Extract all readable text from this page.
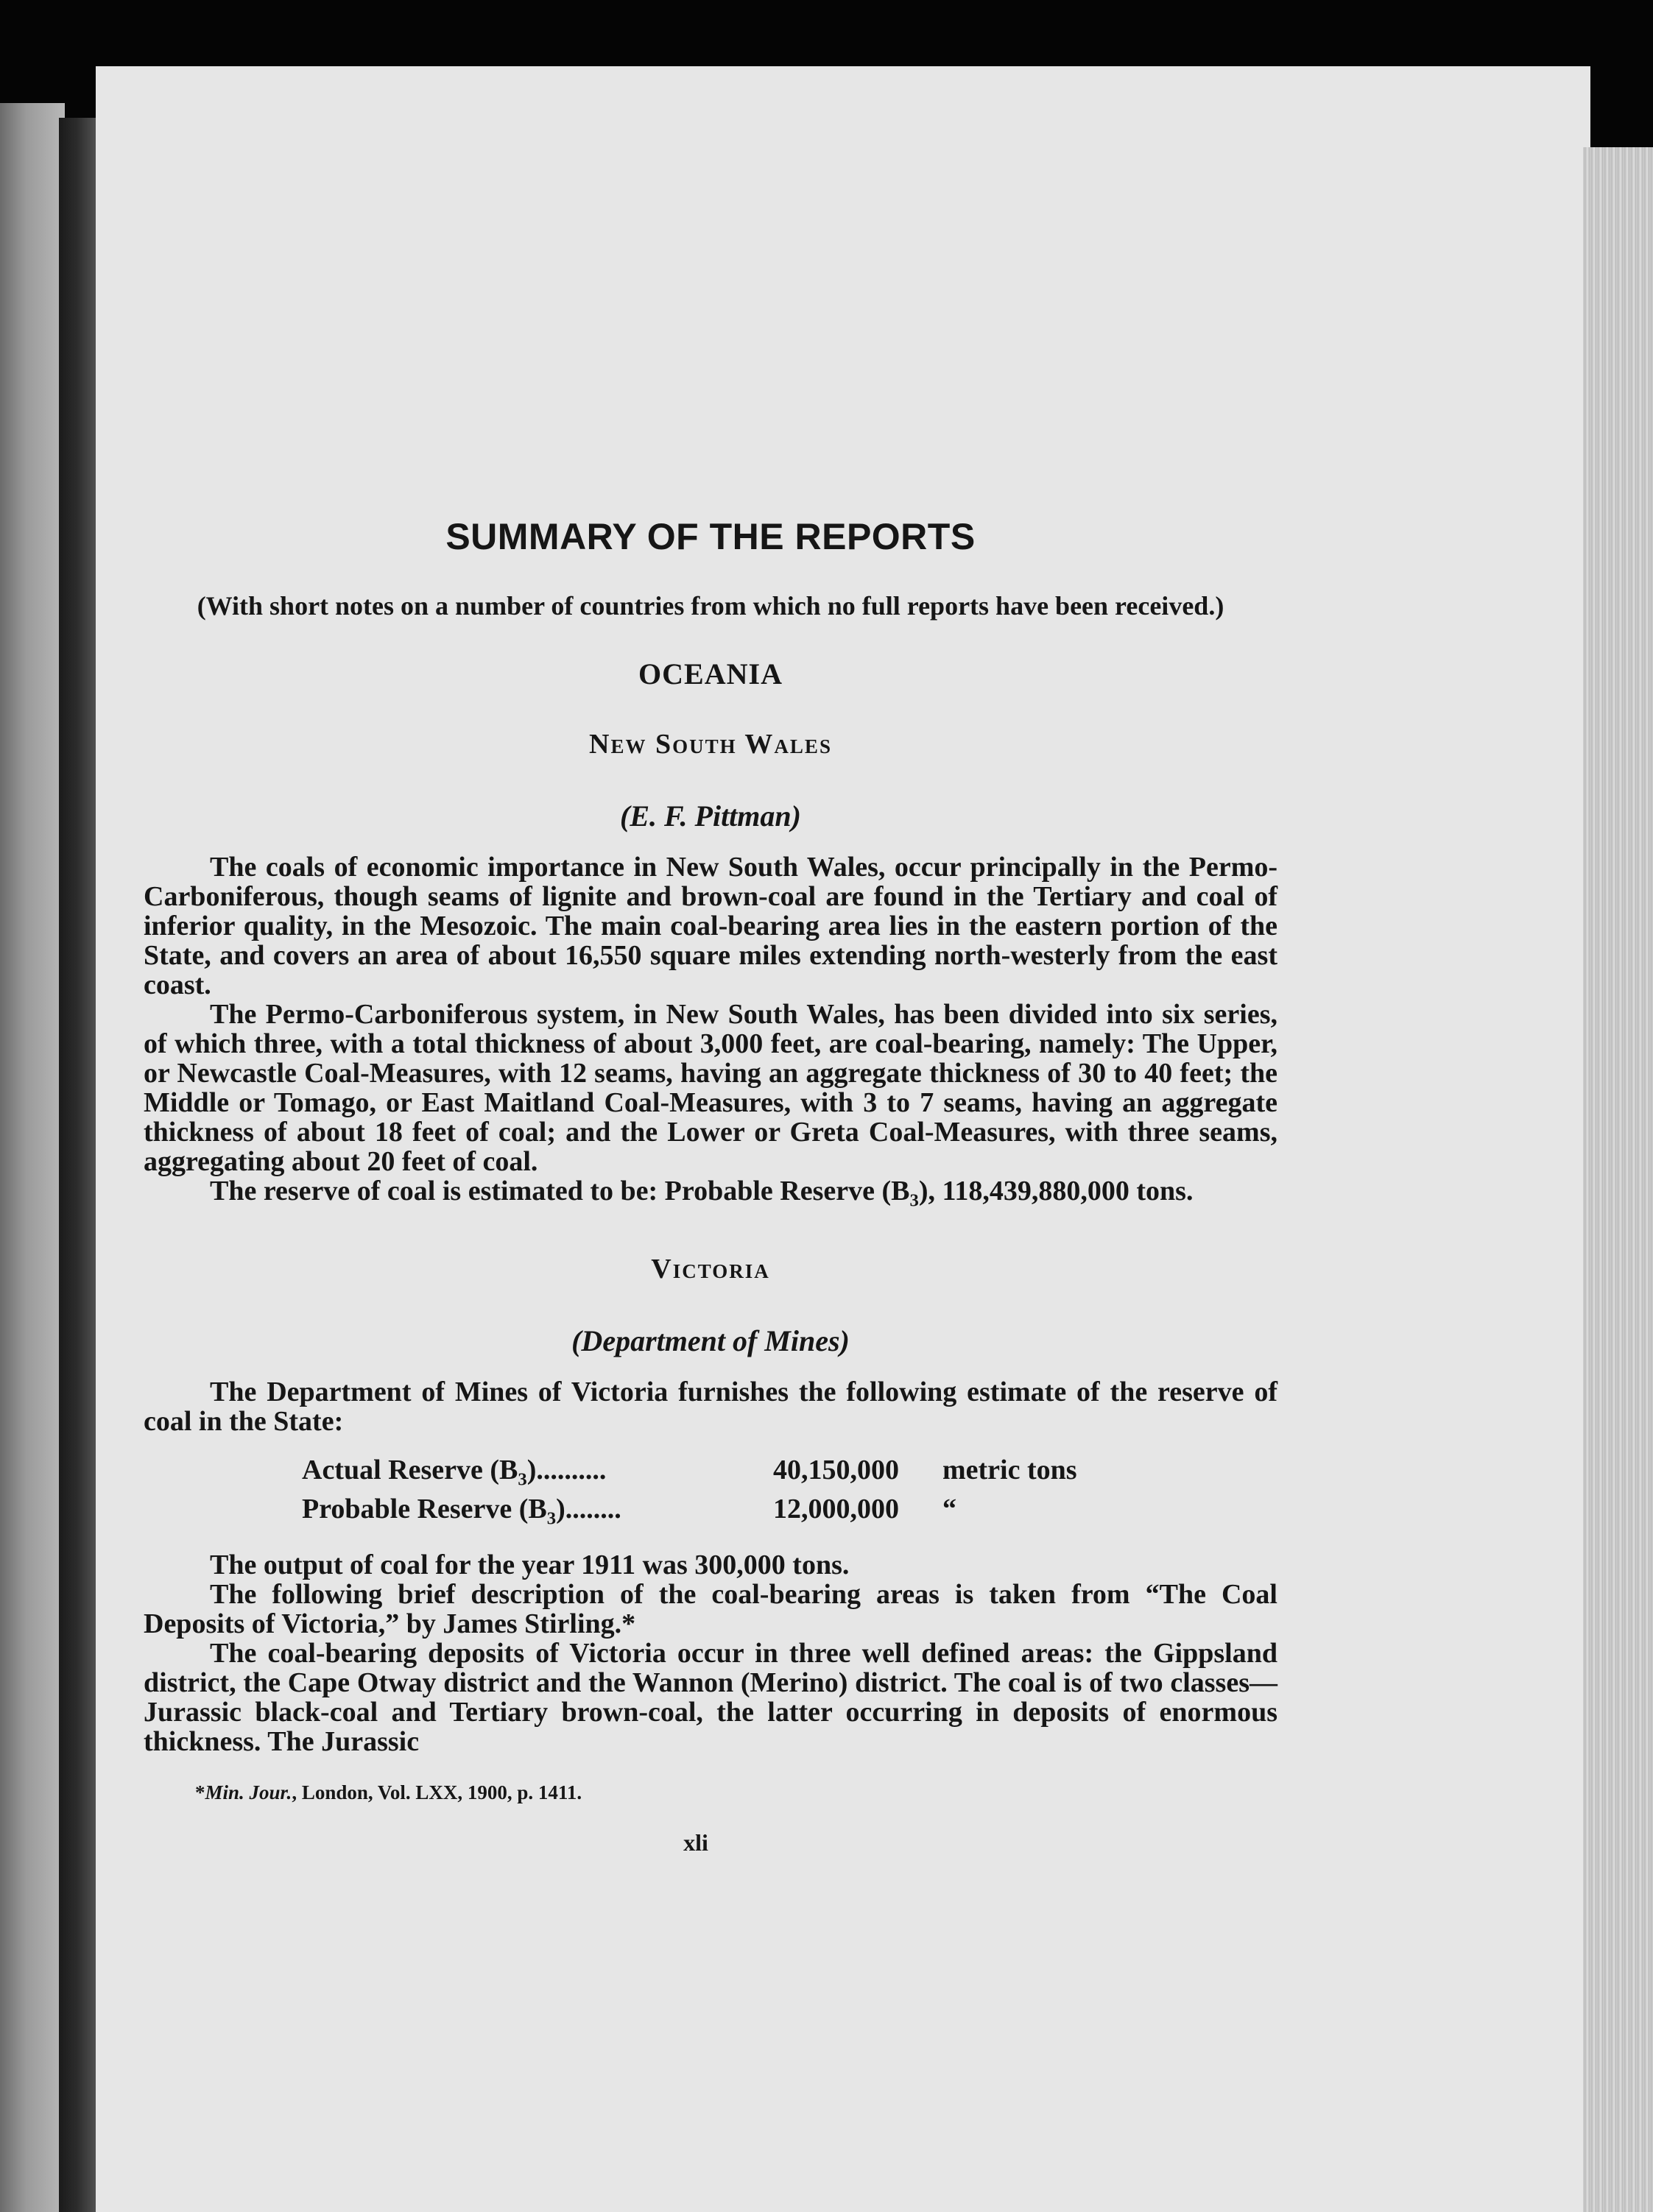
SUMMARY OF THE REPORTS
(With short notes on a number of countries from which no full reports have been received.)
OCEANIA
New South Wales
(E. F. Pittman)

The coals of economic importance in New South Wales, occur principally in the Permo-Carboniferous, though seams of lignite and brown-coal are found in the Tertiary and coal of inferior quality, in the Mesozoic. The main coal-bearing area lies in the eastern portion of the State, and covers an area of about 16,550 square miles extending north-westerly from the east coast.

The Permo-Carboniferous system, in New South Wales, has been divided into six series, of which three, with a total thickness of about 3,000 feet, are coal-bearing, namely: The Upper, or Newcastle Coal-Measures, with 12 seams, having an aggregate thickness of 30 to 40 feet; the Middle or Tomago, or East Maitland Coal-Measures, with 3 to 7 seams, having an aggregate thickness of about 18 feet of coal; and the Lower or Greta Coal-Measures, with three seams, aggregating about 20 feet of coal.

The reserve of coal is estimated to be: Probable Reserve $(B_3)$, 118,439,880,000 tons.

Victoria
(Department of Mines)

The Department of Mines of Victoria furnishes the following estimate of the reserve of coal in the State:

Actual Reserve $(B_3)$..........	40,150,000	metric tons
Probable Reserve $(B_3)$........	12,000,000	“

The output of coal for the year 1911 was 300,000 tons.

The following brief description of the coal-bearing areas is taken from “The Coal Deposits of Victoria,” by James Stirling.*

The coal-bearing deposits of Victoria occur in three well defined areas: the Gippsland district, the Cape Otway district and the Wannon (Merino) district. The coal is of two classes—Jurassic black-coal and Tertiary brown-coal, the latter occurring in deposits of enormous thickness. The Jurassic

*Min. Jour., London, Vol. LXX, 1900, p. 1411.
xli
